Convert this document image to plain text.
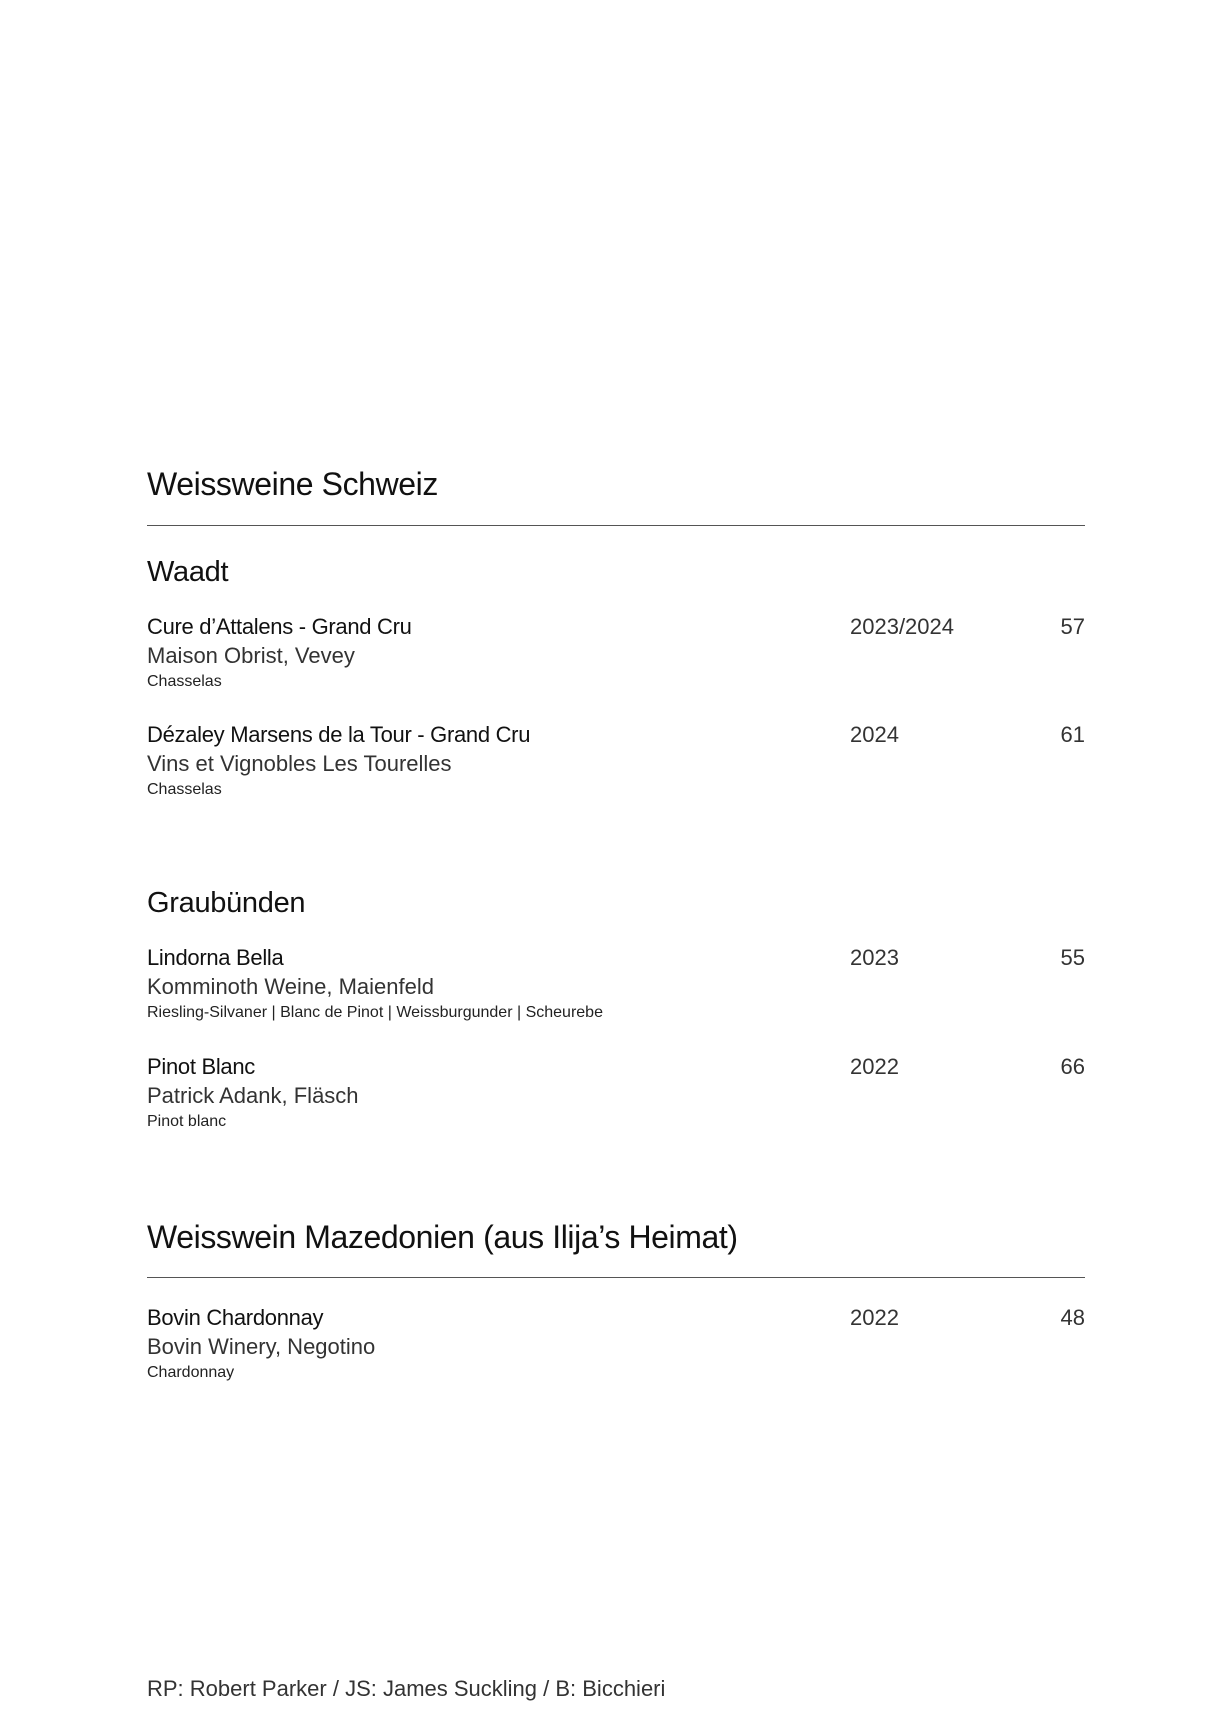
Weissweine Schweiz
Waadt
Cure d’Attalens - Grand Cru
Maison Obrist, Vevey
Chasselas
2023/2024	57
Dézaley Marsens de la Tour - Grand Cru
Vins et Vignobles Les Tourelles
Chasselas
2024	61
Graubünden
Lindorna Bella
Komminoth Weine, Maienfeld
Riesling-Silvaner | Blanc de Pinot | Weissburgunder | Scheurebe
2023	55
Pinot Blanc
Patrick Adank, Fläsch
Pinot blanc
2022	66
Weisswein Mazedonien (aus Ilija’s Heimat)
Bovin Chardonnay
Bovin Winery, Negotino
Chardonnay
2022	48
RP: Robert Parker / JS: James Suckling / B: Bicchieri
